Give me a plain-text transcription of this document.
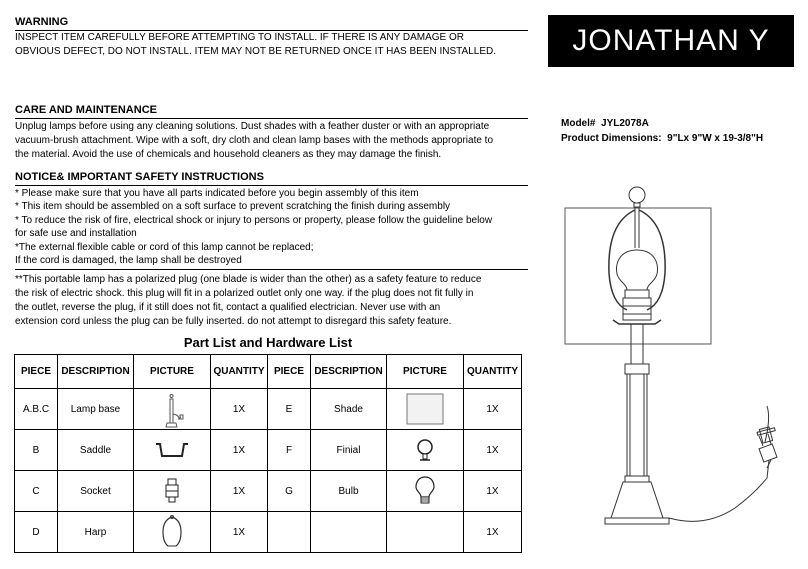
WARNING
INSPECT ITEM CAREFULLY BEFORE ATTEMPTING TO INSTALL. IF THERE IS ANY DAMAGE OR
OBVIOUS DEFECT, DO NOT INSTALL. ITEM MAY NOT BE RETURNED ONCE IT HAS BEEN INSTALLED.	JONATHAN Y
CARE AND MAINTENANCE
Unplug lamps before using any cleaning solutions. Dust shades with a feather duster or with an appropriate
vacuum-brush attachment. Wipe with a soft, dry cloth and clean lamp bases with the methods appropriate to
the material. Avoid the use of chemicals and household cleaners as they may damage the finish.
Model# JYL2078A
Product Dimensions: 9"Lx 9"W x 19-3/8"H
NOTICE& IMPORTANT SAFETY INSTRUCTIONS
* Please make sure that you have all parts indicated before you begin assembly of this item
* This item should be assembled on a soft surface to prevent scratching the finish during assembly
* To reduce the risk of fire, electrical shock or injury to persons or property, please follow the guideline below
for safe use and installation
*The external flexible cable or cord of this lamp cannot be replaced;
If the cord is damaged, the lamp shall be destroyed
**This portable lamp has a polarized plug (one blade is wider than the other) as a safety feature to reduce
the risk of electric shock. this plug will fit in a polarized outlet only one way. if the plug does not fit fully in
the outlet, reverse the plug, if it still does not fit, contact a qualified electrician. Never use with an
extension cord unless the plug can be fully inserted. do not attempt to disregard this safety feature.
Part List and Hardware List
PIECE	DESCRIPTION	PICTURE	QUANTITY	PIECE	DESCRIPTION	PICTURE	QUANTITY
A.B.C	Lamp base		1X	E	Shade		1X
B	Saddle		1X	F	Finial		1X
C	Socket		1X	G	Bulb		1X
D	Harp		1X				1X
